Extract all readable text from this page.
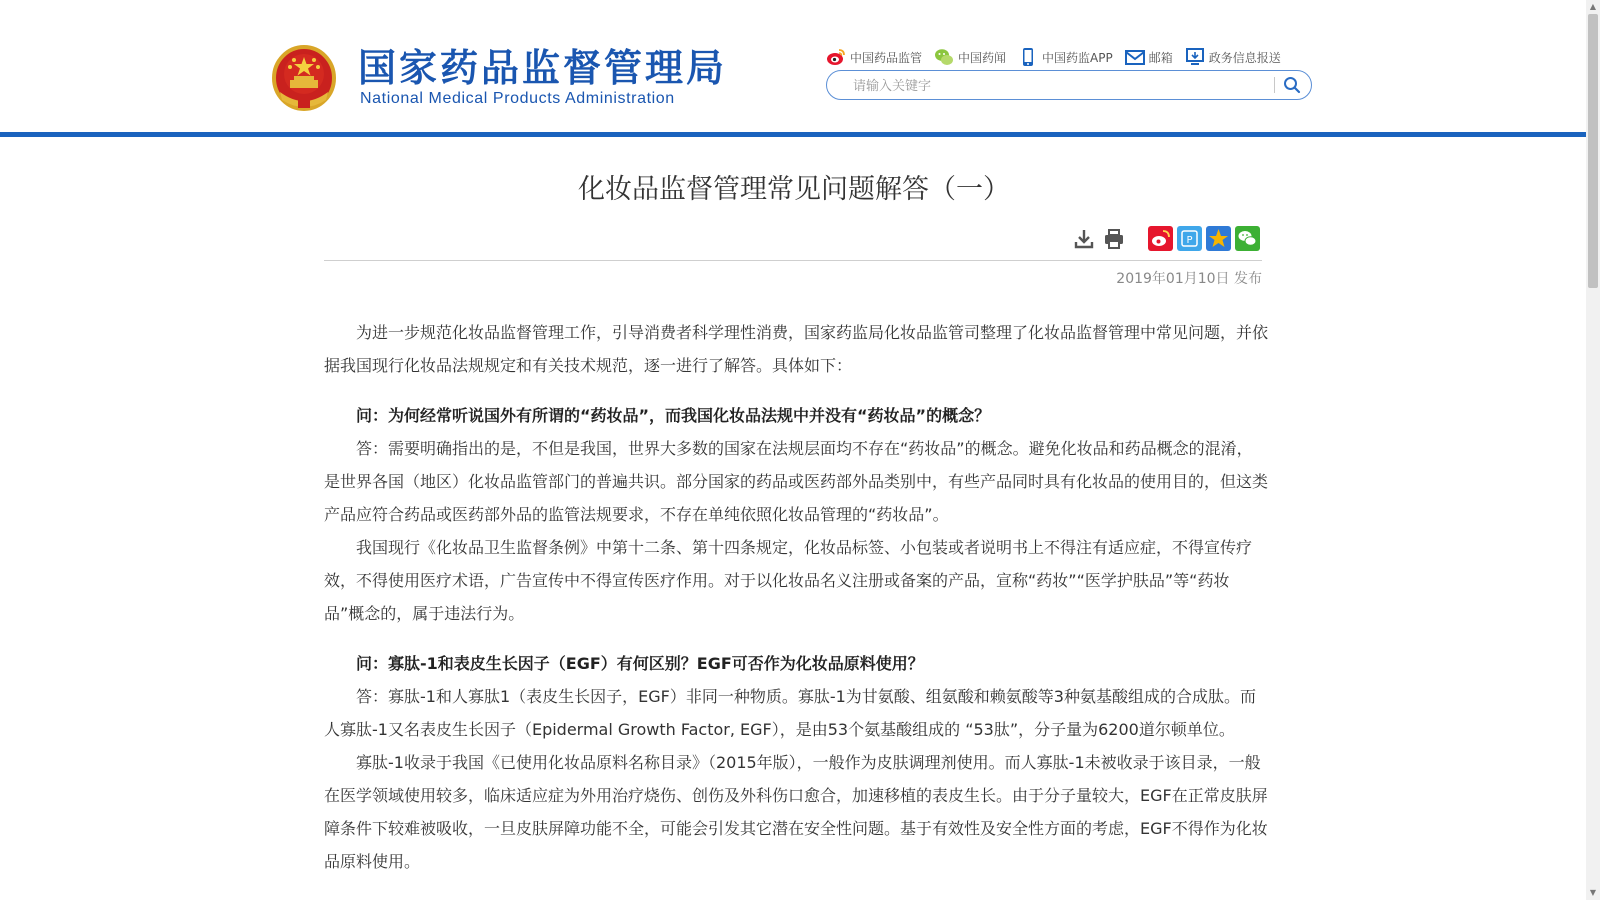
国家药品监督管理局
National Medical Products Administration
中国药品监管	中国药闻	中国药监APP	邮箱	政务信息报送
请输入关键字
化妆品监督管理常见问题解答（一）
P
2019年01月10日 发布

为进一步规范化妆品监督管理工作，引导消费者科学理性消费，国家药监局化妆品监管司整理了化妆品监督管理中常见问题，并依据我国现行化妆品法规规定和有关技术规范，逐一进行了解答。具体如下：

问：为何经常听说国外有所谓的“药妆品”，而我国化妆品法规中并没有“药妆品”的概念？

答：需要明确指出的是，不但是我国，世界大多数的国家在法规层面均不存在“药妆品”的概念。避免化妆品和药品概念的混淆，是世界各国（地区）化妆品监管部门的普遍共识。部分国家的药品或医药部外品类别中，有些产品同时具有化妆品的使用目的，但这类产品应符合药品或医药部外品的监管法规要求，不存在单纯依照化妆品管理的“药妆品”。

我国现行《化妆品卫生监督条例》中第十二条、第十四条规定，化妆品标签、小包装或者说明书上不得注有适应症，不得宣传疗效，不得使用医疗术语，广告宣传中不得宣传医疗作用。对于以化妆品名义注册或备案的产品，宣称“药妆”“医学护肤品”等“药妆品”概念的，属于违法行为。

问：寡肽-1和表皮生长因子（EGF）有何区别？EGF可否作为化妆品原料使用？

答：寡肽-1和人寡肽1（表皮生长因子，EGF）非同一种物质。寡肽-1为甘氨酸、组氨酸和赖氨酸等3种氨基酸组成的合成肽。而人寡肽-1又名表皮生长因子（Epidermal Growth Factor, EGF），是由53个氨基酸组成的 “53肽”，分子量为6200道尔顿单位。

寡肽-1收录于我国《已使用化妆品原料名称目录》（2015年版），一般作为皮肤调理剂使用。而人寡肽-1未被收录于该目录，一般在医学领域使用较多，临床适应症为外用治疗烧伤、创伤及外科伤口愈合，加速移植的表皮生长。由于分子量较大，EGF在正常皮肤屏障条件下较难被吸收，一旦皮肤屏障功能不全，可能会引发其它潜在安全性问题。基于有效性及安全性方面的考虑，EGF不得作为化妆品原料使用。

▲
▼
